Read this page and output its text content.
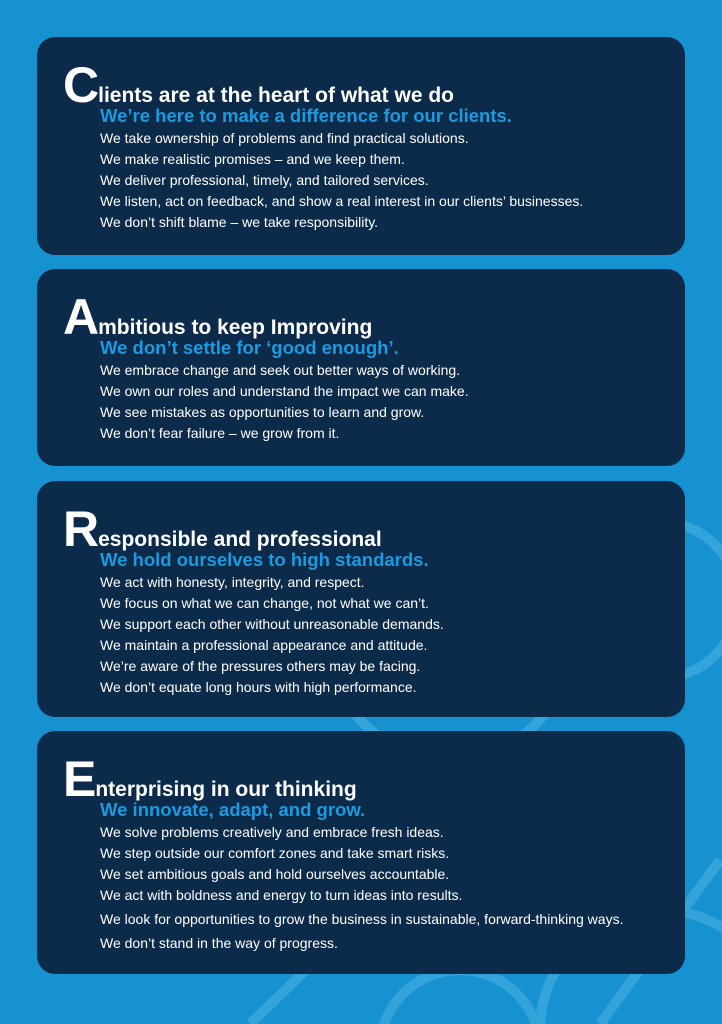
C lients are at the heart of what we do
We’re here to make a difference for our clients.
We take ownership of problems and find practical solutions.
We make realistic promises – and we keep them.
We deliver professional, timely, and tailored services.
We listen, act on feedback, and show a real interest in our clients’ businesses.
We don’t shift blame – we take responsibility.
A mbitious to keep Improving
We don’t settle for ‘good enough’.
We embrace change and seek out better ways of working.
We own our roles and understand the impact we can make.
We see mistakes as opportunities to learn and grow.
We don’t fear failure – we grow from it.
R esponsible and professional
We hold ourselves to high standards.
We act with honesty, integrity, and respect.
We focus on what we can change, not what we can’t.
We support each other without unreasonable demands.
We maintain a professional appearance and attitude.
We’re aware of the pressures others may be facing.
We don’t equate long hours with high performance.
E nterprising in our thinking
We innovate, adapt, and grow.
We solve problems creatively and embrace fresh ideas.
We step outside our comfort zones and take smart risks.
We set ambitious goals and hold ourselves accountable.
We act with boldness and energy to turn ideas into results.
We look for opportunities to grow the business in sustainable, forward-thinking ways.
We don’t stand in the way of progress.
